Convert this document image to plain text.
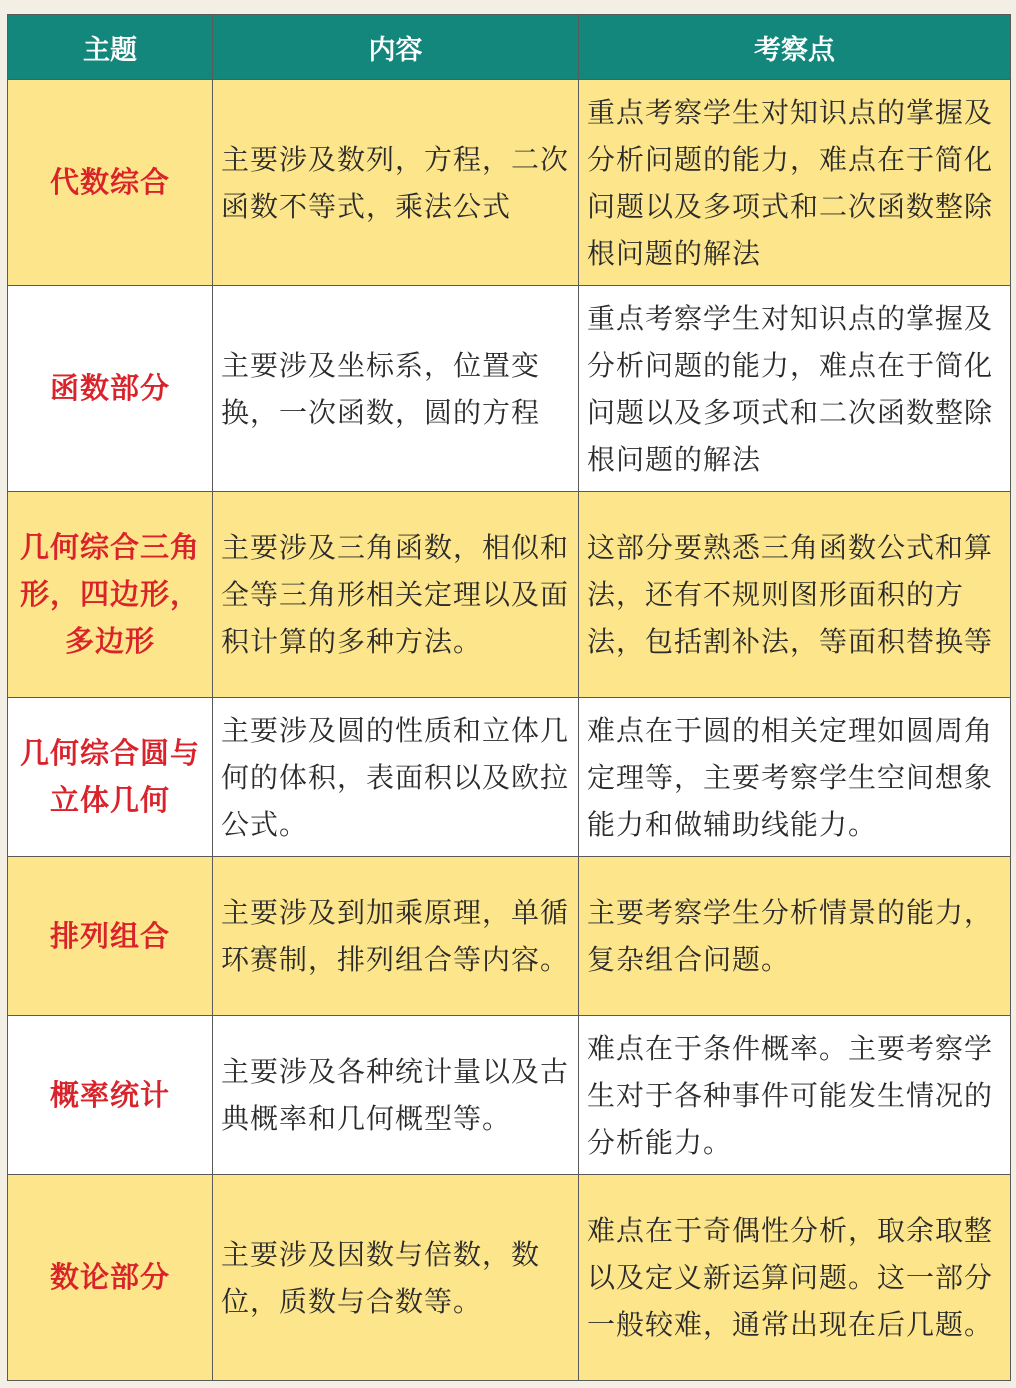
主题	内容	考察点
代数综合	主要涉及数列，方程，二次函数不等式，乘法公式	重点考察学生对知识点的掌握及分析问题的能力，难点在于简化问题以及多项式和二次函数整除根问题的解法
函数部分	主要涉及坐标系，位置变换，一次函数，圆的方程	重点考察学生对知识点的掌握及分析问题的能力，难点在于简化问题以及多项式和二次函数整除根问题的解法
几何综合三角形，四边形，多边形	主要涉及三角函数，相似和全等三角形相关定理以及面积计算的多种方法。	这部分要熟悉三角函数公式和算法，还有不规则图形面积的方法，包括割补法，等面积替换等
几何综合圆与立体几何	主要涉及圆的性质和立体几何的体积，表面积以及欧拉公式。	难点在于圆的相关定理如圆周角定理等，主要考察学生空间想象能力和做辅助线能力。
排列组合	主要涉及到加乘原理，单循环赛制，排列组合等内容。	主要考察学生分析情景的能力，复杂组合问题。
概率统计	主要涉及各种统计量以及古典概率和几何概型等。	难点在于条件概率。主要考察学生对于各种事件可能发生情况的分析能力。
数论部分	主要涉及因数与倍数，数位，质数与合数等。	难点在于奇偶性分析，取余取整以及定义新运算问题。这一部分一般较难，通常出现在后几题。
